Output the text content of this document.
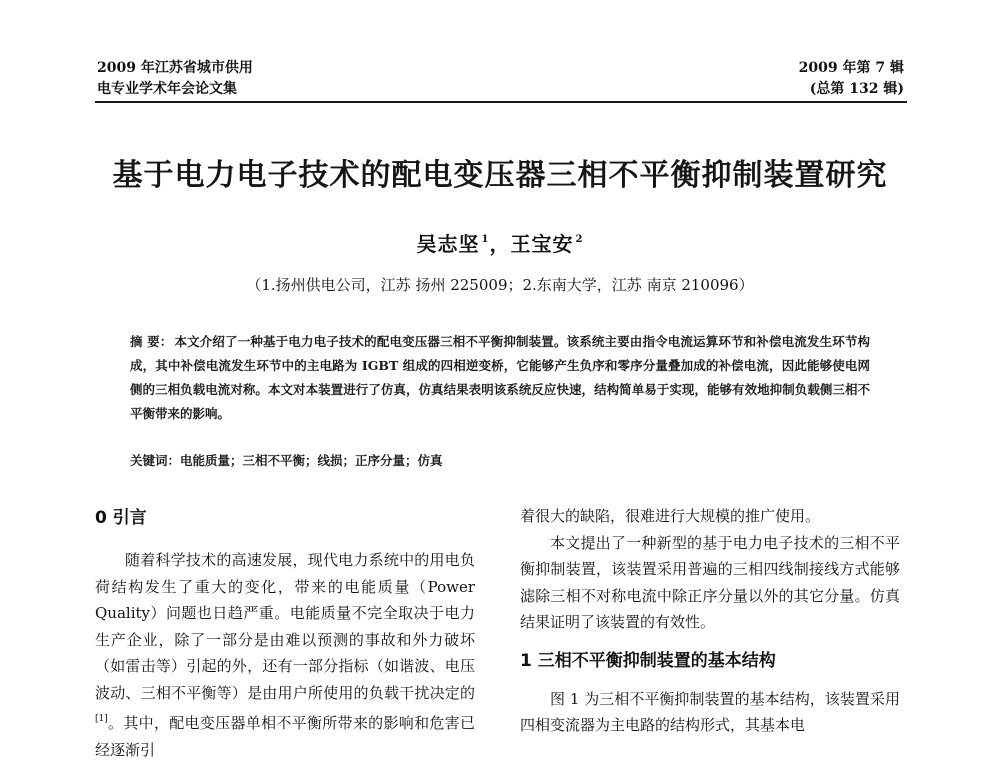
2009 年江苏省城市供用
电专业学术年会论文集
2009 年第 7 辑
(总第 132 辑)
基于电力电子技术的配电变压器三相不平衡抑制装置研究
吴志坚 $^1$，王宝安 $^2$
（1.扬州供电公司，江苏 扬州 225009；2.东南大学，江苏 南京 210096）
摘 要： 本文介绍了一种基于电力电子技术的配电变压器三相不平衡抑制装置。该系统主要由指令电流运算环节和补偿电流发生环节构成，其中补偿电流发生环节中的主电路为 IGBT 组成的四相逆变桥，它能够产生负序和零序分量叠加成的补偿电流，因此能够使电网侧的三相负载电流对称。本文对本装置进行了仿真，仿真结果表明该系统反应快速，结构简单易于实现，能够有效地抑制负载侧三相不平衡带来的影响。
关键词：电能质量；三相不平衡；线损；正序分量；仿真
0 引言

随着科学技术的高速发展，现代电力系统中的用电负荷结构发生了重大的变化，带来的电能质量（Power Quality）问题也日趋严重。电能质量不完全取决于电力生产企业，除了一部分是由难以预测的事故和外力破坏（如雷击等）引起的外，还有一部分指标（如谐波、电压波动、三相不平衡等）是由用户所使用的负载干扰决定的[1]。其中，配电变压器单相不平衡所带来的影响和危害已经逐渐引

着很大的缺陷，很难进行大规模的推广使用。

本文提出了一种新型的基于电力电子技术的三相不平衡抑制装置，该装置采用普遍的三相四线制接线方式能够滤除三相不对称电流中除正序分量以外的其它分量。仿真结果证明了该装置的有效性。

1 三相不平衡抑制装置的基本结构

图 1 为三相不平衡抑制装置的基本结构，该装置采用四相变流器为主电路的结构形式，其基本电
